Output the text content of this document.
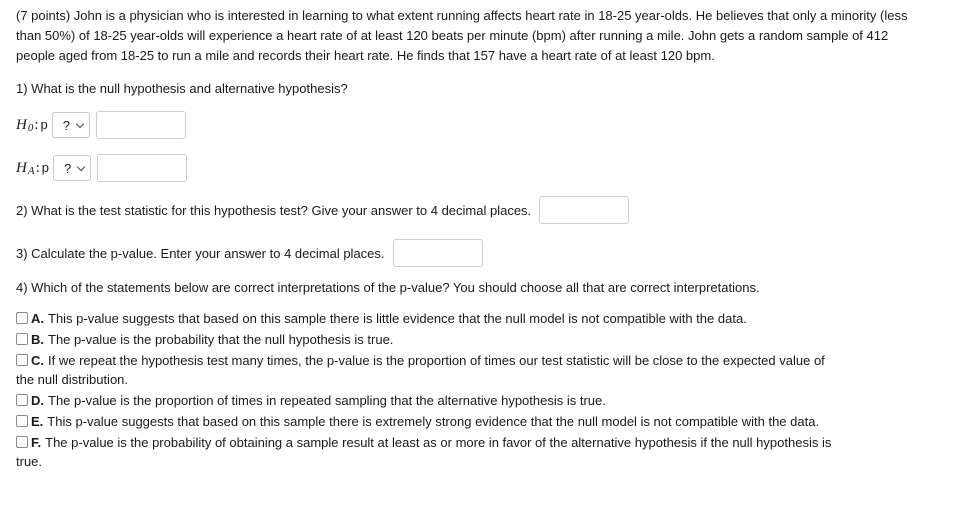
(7 points) John is a physician who is interested in learning to what extent running affects heart rate in 18-25 year-olds. He believes that only a minority (less than 50%) of 18-25 year-olds will experience a heart rate of at least 120 beats per minute (bpm) after running a mile. John gets a random sample of 412 people aged from 18-25 to run a mile and records their heart rate. He finds that 157 have a heart rate of at least 120 bpm.

1) What is the null hypothesis and alternative hypothesis?

H 0 : p ?
H A : p ?
2) What is the test statistic for this hypothesis test? Give your answer to 4 decimal places.
3) Calculate the p-value. Enter your answer to 4 decimal places.

4) Which of the statements below are correct interpretations of the p-value? You should choose all that are correct interpretations.

A. This p-value suggests that based on this sample there is little evidence that the null model is not compatible with the data.
B. The p-value is the probability that the null hypothesis is true.
C. If we repeat the hypothesis test many times, the p-value is the proportion of times our test statistic will be close to the expected value of
the null distribution.
D. The p-value is the proportion of times in repeated sampling that the alternative hypothesis is true.
E. This p-value suggests that based on this sample there is extremely strong evidence that the null model is not compatible with the data.
F. The p-value is the probability of obtaining a sample result at least as or more in favor of the alternative hypothesis if the null hypothesis is
true.
